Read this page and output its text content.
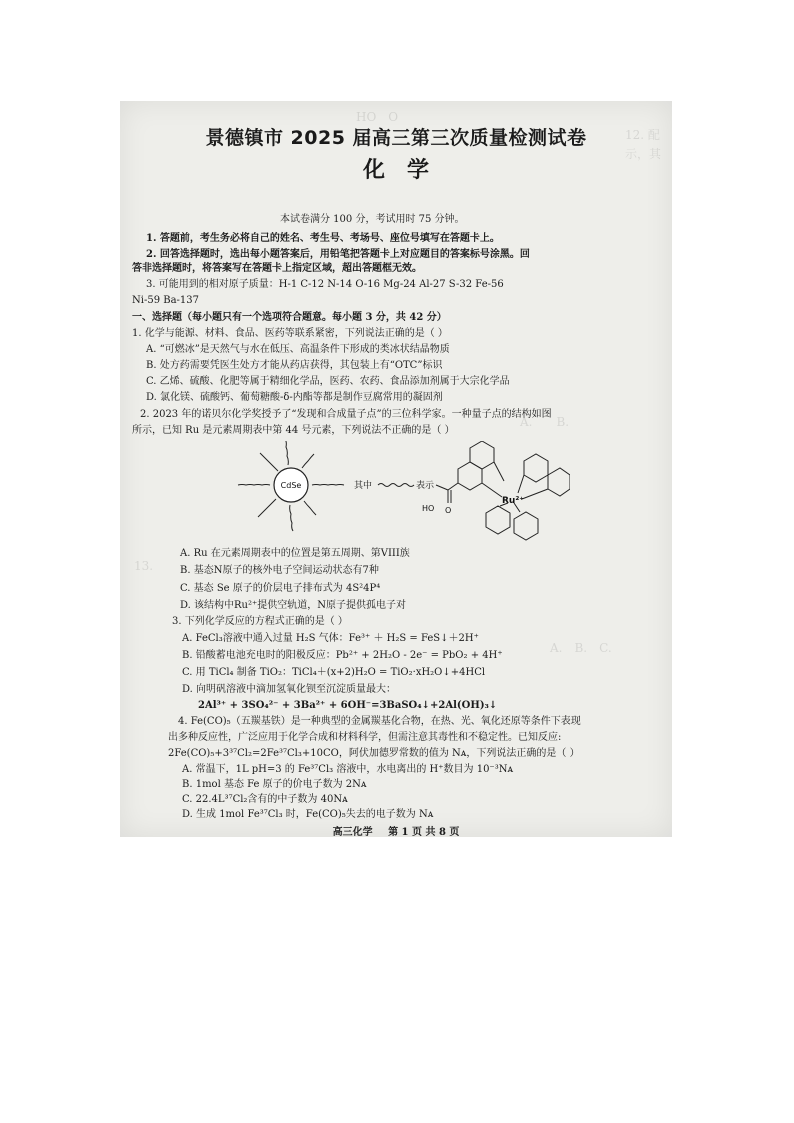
HO　O
12. 配
示，其
A.　　B.
13.
A.　B.　C.
景德镇市 2025 届高三第三次质量检测试卷
化学
本试卷满分 100 分，考试用时 75 分钟。
1. 答题前，考生务必将自己的姓名、考生号、考场号、座位号填写在答题卡上。
2. 回答选择题时，选出每小题答案后，用铅笔把答题卡上对应题目的答案标号涂黑。回
答非选择题时，将答案写在答题卡上指定区域，超出答题框无效。
3. 可能用到的相对原子质量：H-1 C-12 N-14 O-16 Mg-24 Al-27 S-32 Fe-56
Ni-59 Ba-137
一、选择题（每小题只有一个选项符合题意。每小题 3 分，共 42 分）
1. 化学与能源、材料、食品、医药等联系紧密，下列说法正确的是（ ）
A. “可燃冰”是天然气与水在低压、高温条件下形成的类冰状结晶物质
B. 处方药需要凭医生处方才能从药店获得，其包装上有“OTC”标识
C. 乙烯、硫酸、化肥等属于精细化学品，医药、农药、食品添加剂属于大宗化学品
D. 氯化镁、硫酸钙、葡萄糖酸-δ-内酯等都是制作豆腐常用的凝固剂
2. 2023 年的诺贝尔化学奖授予了“发现和合成量子点”的三位科学家。一种量子点的结构如图
所示，已知 Ru 是元素周期表中第 44 号元素，下列说法不正确的是（ ）
CdSe	其中	表示
HO O
Ru²⁺
A. Ru 在元素周期表中的位置是第五周期、第VIII族
B. 基态N原子的核外电子空间运动状态有7种
C. 基态 Se 原子的价层电子排布式为 4S²4P⁴
D. 该结构中Ru²⁺提供空轨道，N原子提供孤电子对
3. 下列化学反应的方程式正确的是（ ）
A. FeCl₃溶液中通入过量 H₂S 气体：Fe³⁺ ＋ H₂S = FeS↓＋2H⁺
B. 铅酸蓄电池充电时的阳极反应：Pb²⁺ + 2H₂O - 2e⁻ = PbO₂ + 4H⁺
C. 用 TiCl₄ 制备 TiO₂：TiCl₄＋(x+2)H₂O = TiO₂·xH₂O↓+4HCl
D. 向明矾溶液中滴加氢氧化钡至沉淀质量最大：
2Al³⁺ + 3SO₄²⁻ + 3Ba²⁺ + 6OH⁻=3BaSO₄↓+2Al(OH)₃↓
4. Fe(CO)₅（五羰基铁）是一种典型的金属羰基化合物，在热、光、氧化还原等条件下表现
出多种反应性，广泛应用于化学合成和材料科学，但需注意其毒性和不稳定性。已知反应:
2Fe(CO)₅+3³⁷Cl₂=2Fe³⁷Cl₃+10CO，阿伏加德罗常数的值为 Nᴀ，下列说法正确的是（ ）
A. 常温下，1L pH=3 的 Fe³⁷Cl₃ 溶液中，水电离出的 H⁺数目为 10⁻³Nᴀ
B. 1mol 基态 Fe 原子的价电子数为 2Nᴀ
C. 22.4L³⁷Cl₂含有的中子数为 40Nᴀ
D. 生成 1mol Fe³⁷Cl₃ 时，Fe(CO)₅失去的电子数为 Nᴀ
高三化学 第 1 页 共 8 页
